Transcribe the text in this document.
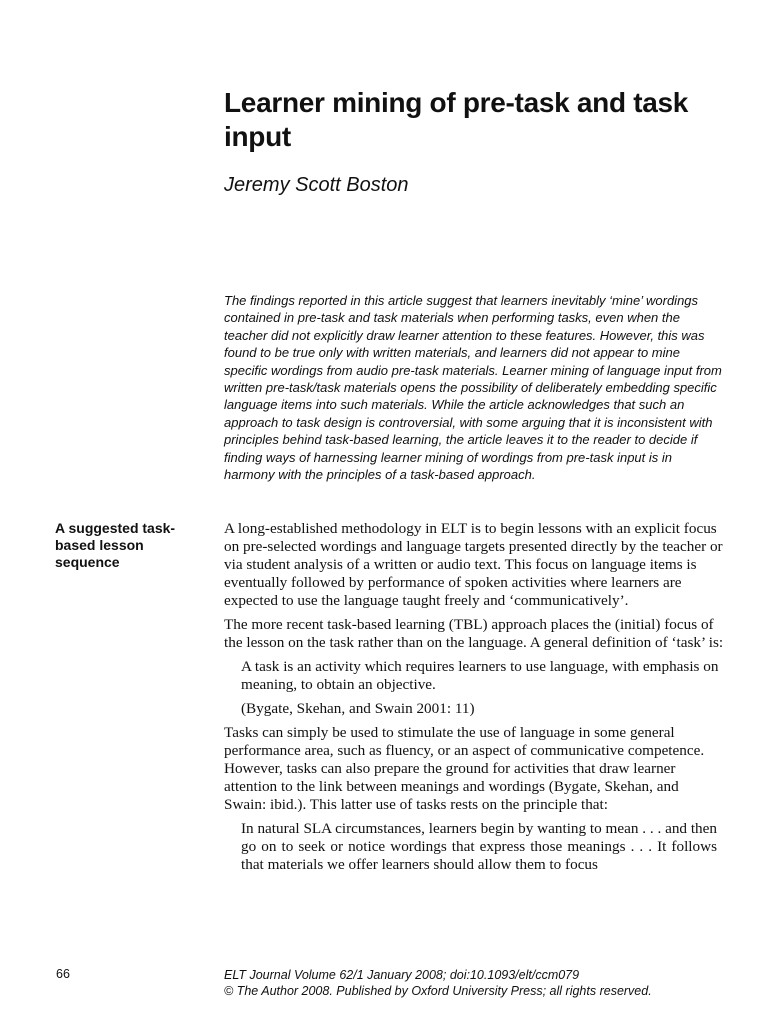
Learner mining of pre-task and task input

Jeremy Scott Boston

The findings reported in this article suggest that learners inevitably ‘mine’ wordings contained in pre-task and task materials when performing tasks, even when the teacher did not explicitly draw learner attention to these features. However, this was found to be true only with written materials, and learners did not appear to mine specific wordings from audio pre-task materials. Learner mining of language input from written pre-task/task materials opens the possibility of deliberately embedding specific language items into such materials. While the article acknowledges that such an approach to task design is controversial, with some arguing that it is inconsistent with principles behind task-based learning, the article leaves it to the reader to decide if finding ways of harnessing learner mining of wordings from pre-task input is in harmony with the principles of a task-based approach.

A suggested task-based lesson sequence

A long-established methodology in ELT is to begin lessons with an explicit focus on pre-selected wordings and language targets presented directly by the teacher or via student analysis of a written or audio text. This focus on language items is eventually followed by performance of spoken activities where learners are expected to use the language taught freely and ‘communicatively’.

The more recent task-based learning (TBL) approach places the (initial) focus of the lesson on the task rather than on the language. A general definition of ‘task’ is:

A task is an activity which requires learners to use language, with emphasis on meaning, to obtain an objective.

(Bygate, Skehan, and Swain 2001: 11)

Tasks can simply be used to stimulate the use of language in some general performance area, such as fluency, or an aspect of communicative competence. However, tasks can also prepare the ground for activities that draw learner attention to the link between meanings and wordings (Bygate, Skehan, and Swain: ibid.). This latter use of tasks rests on the principle that:

In natural SLA circumstances, learners begin by wanting to mean . . . and then go on to seek or notice wordings that express those meanings . . . It follows that materials we offer learners should allow them to focus

66	ELT Journal Volume 62/1 January 2008; doi:10.1093/elt/ccm079
© The Author 2008. Published by Oxford University Press; all rights reserved.
